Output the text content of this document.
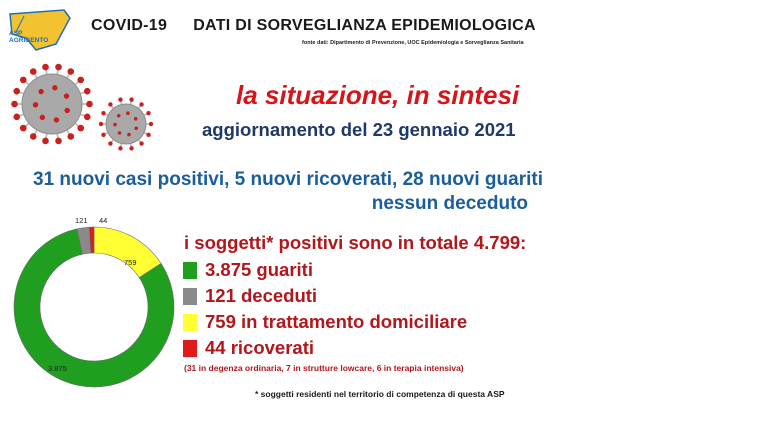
ASP
AGRIGENTO
COVID-19 DATI DI SORVEGLIANZA EPIDEMIOLOGICA
fonte dati: Dipartimento di Prevenzione, UOC Epidemiologia e Sorveglianza Sanitaria
la situazione, in sintesi
aggiornamento del 23 gennaio 2021
31 nuovi casi positivi, 5 nuovi ricoverati, 28 nuovi guariti
nessun deceduto
3.875
121
759
44
i soggetti* positivi sono in totale 4.799:
3.875 guariti
121 deceduti
759 in trattamento domiciliare
44 ricoverati
(31 in degenza ordinaria, 7 in strutture lowcare, 6 in terapia intensiva)
* soggetti residenti nel territorio di competenza di questa ASP
